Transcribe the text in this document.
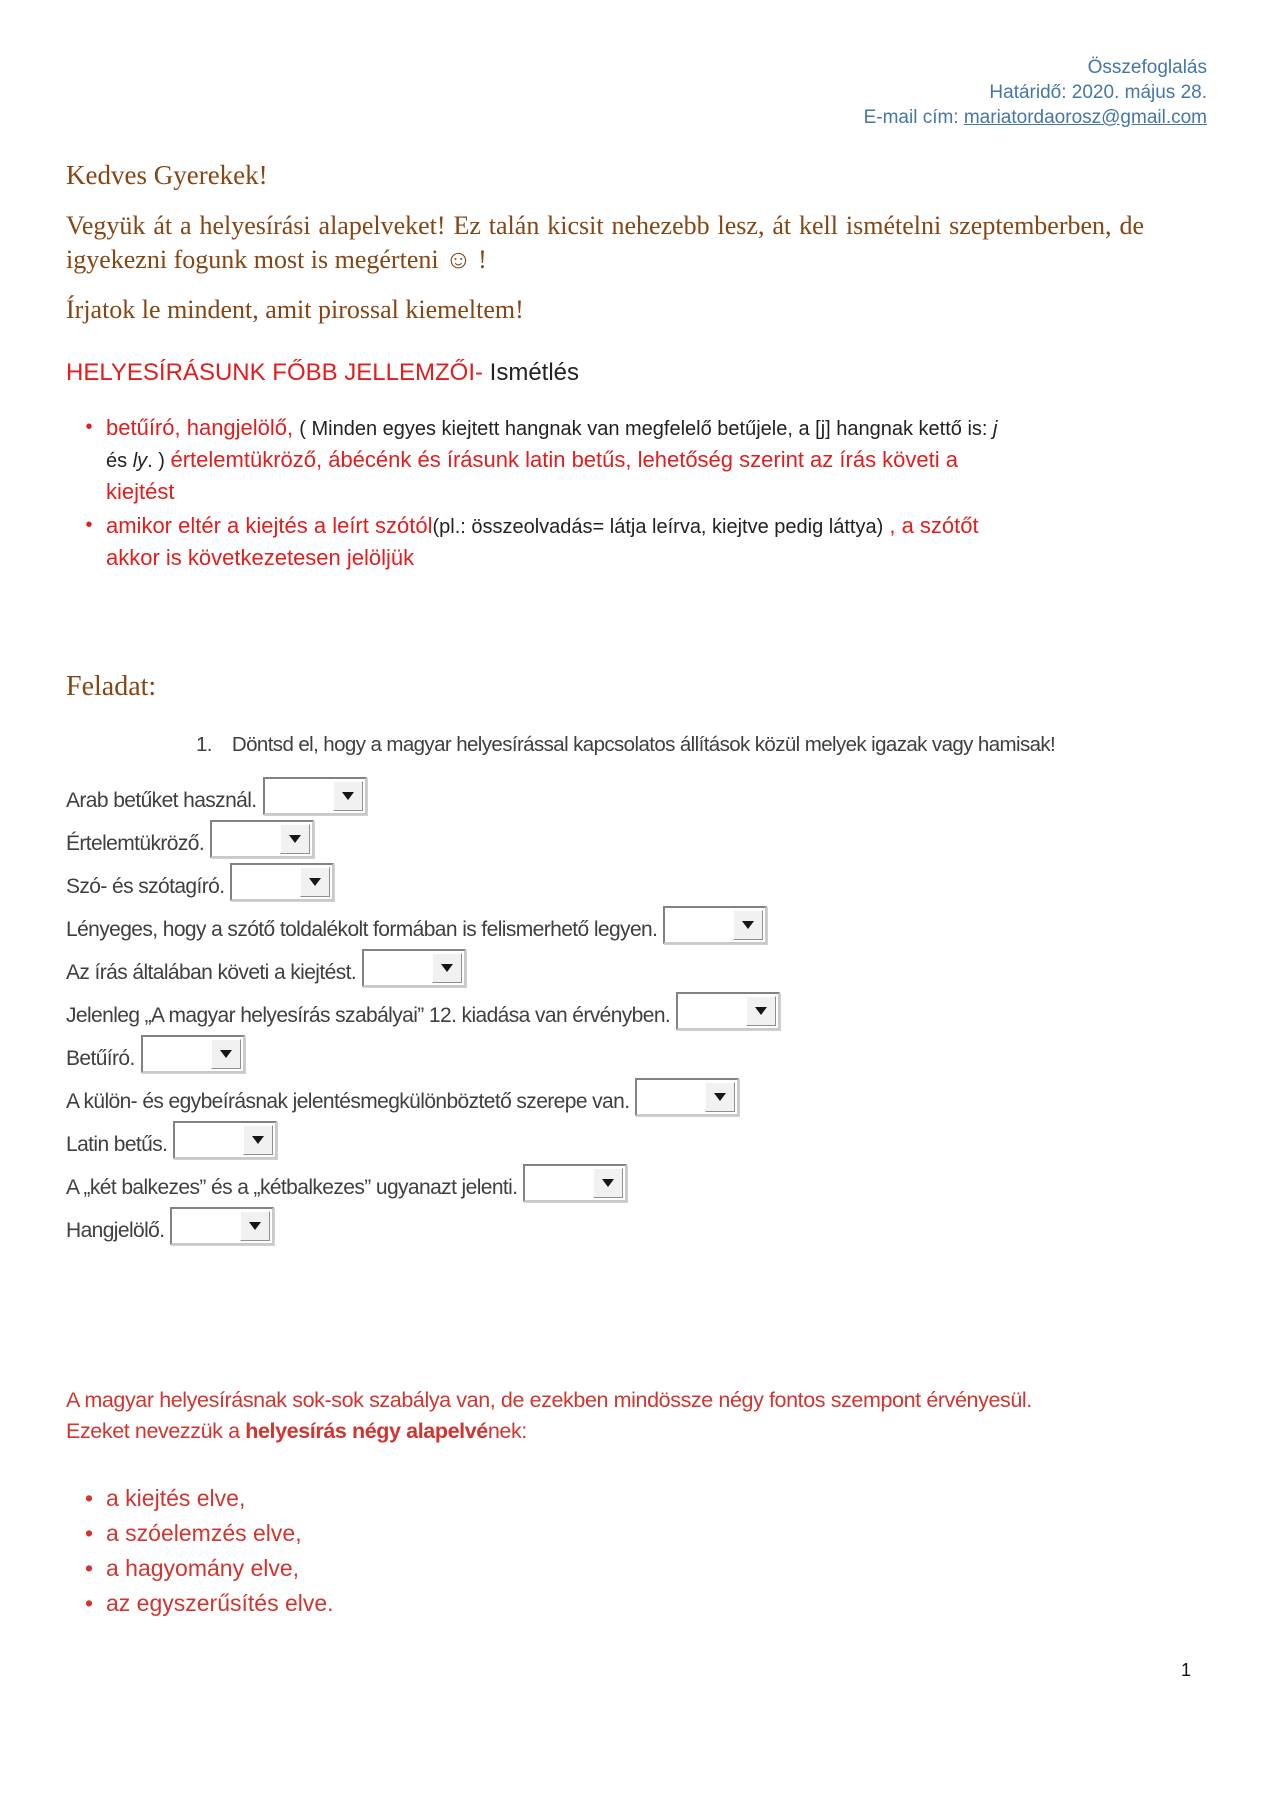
Összefoglalás
Határidő: 2020. május 28.
E-mail cím: mariatordaorosz@gmail.com
Kedves Gyerekek!

Vegyük át a helyesírási alapelveket! Ez talán kicsit nehezebb lesz, át kell ismételni szeptemberben, de igyekezni fogunk most is megérteni ☺ !

Írjatok le mindent, amit pirossal kiemeltem!

HELYESÍRÁSUNK FŐBB JELLEMZŐI- Ismétlés
• betűíró, hangjelölő, ( Minden egyes kiejtett hangnak van megfelelő betűjele, a [j] hangnak kettő is: j és ly. ) értelemtükröző, ábécénk és írásunk latin betűs, lehetőség szerint az írás követi a kiejtést
• amikor eltér a kiejtés a leírt szótól(pl.: összeolvadás= látja leírva, kiejtve pedig láttya) , a szótőt akkor is következetesen jelöljük
Feladat:

1. Döntsd el, hogy a magyar helyesírással kapcsolatos állítások közül melyek igazak vagy hamisak!

Arab betűket használ.
Értelemtükröző.
Szó- és szótagíró.
Lényeges, hogy a szótő toldalékolt formában is felismerhető legyen.
Az írás általában követi a kiejtést.
Jelenleg „A magyar helyesírás szabályai” 12. kiadása van érvényben.
Betűíró.
A külön- és egybeírásnak jelentésmegkülönböztető szerepe van.
Latin betűs.
A „két balkezes” és a „kétbalkezes” ugyanazt jelenti.
Hangjelölő.

A magyar helyesírásnak sok-sok szabálya van, de ezekben mindössze négy fontos szempont érvényesül. Ezeket nevezzük a helyesírás négy alapelvének:

• a kiejtés elve,
• a szóelemzés elve,
• a hagyomány elve,
• az egyszerűsítés elve.
1
